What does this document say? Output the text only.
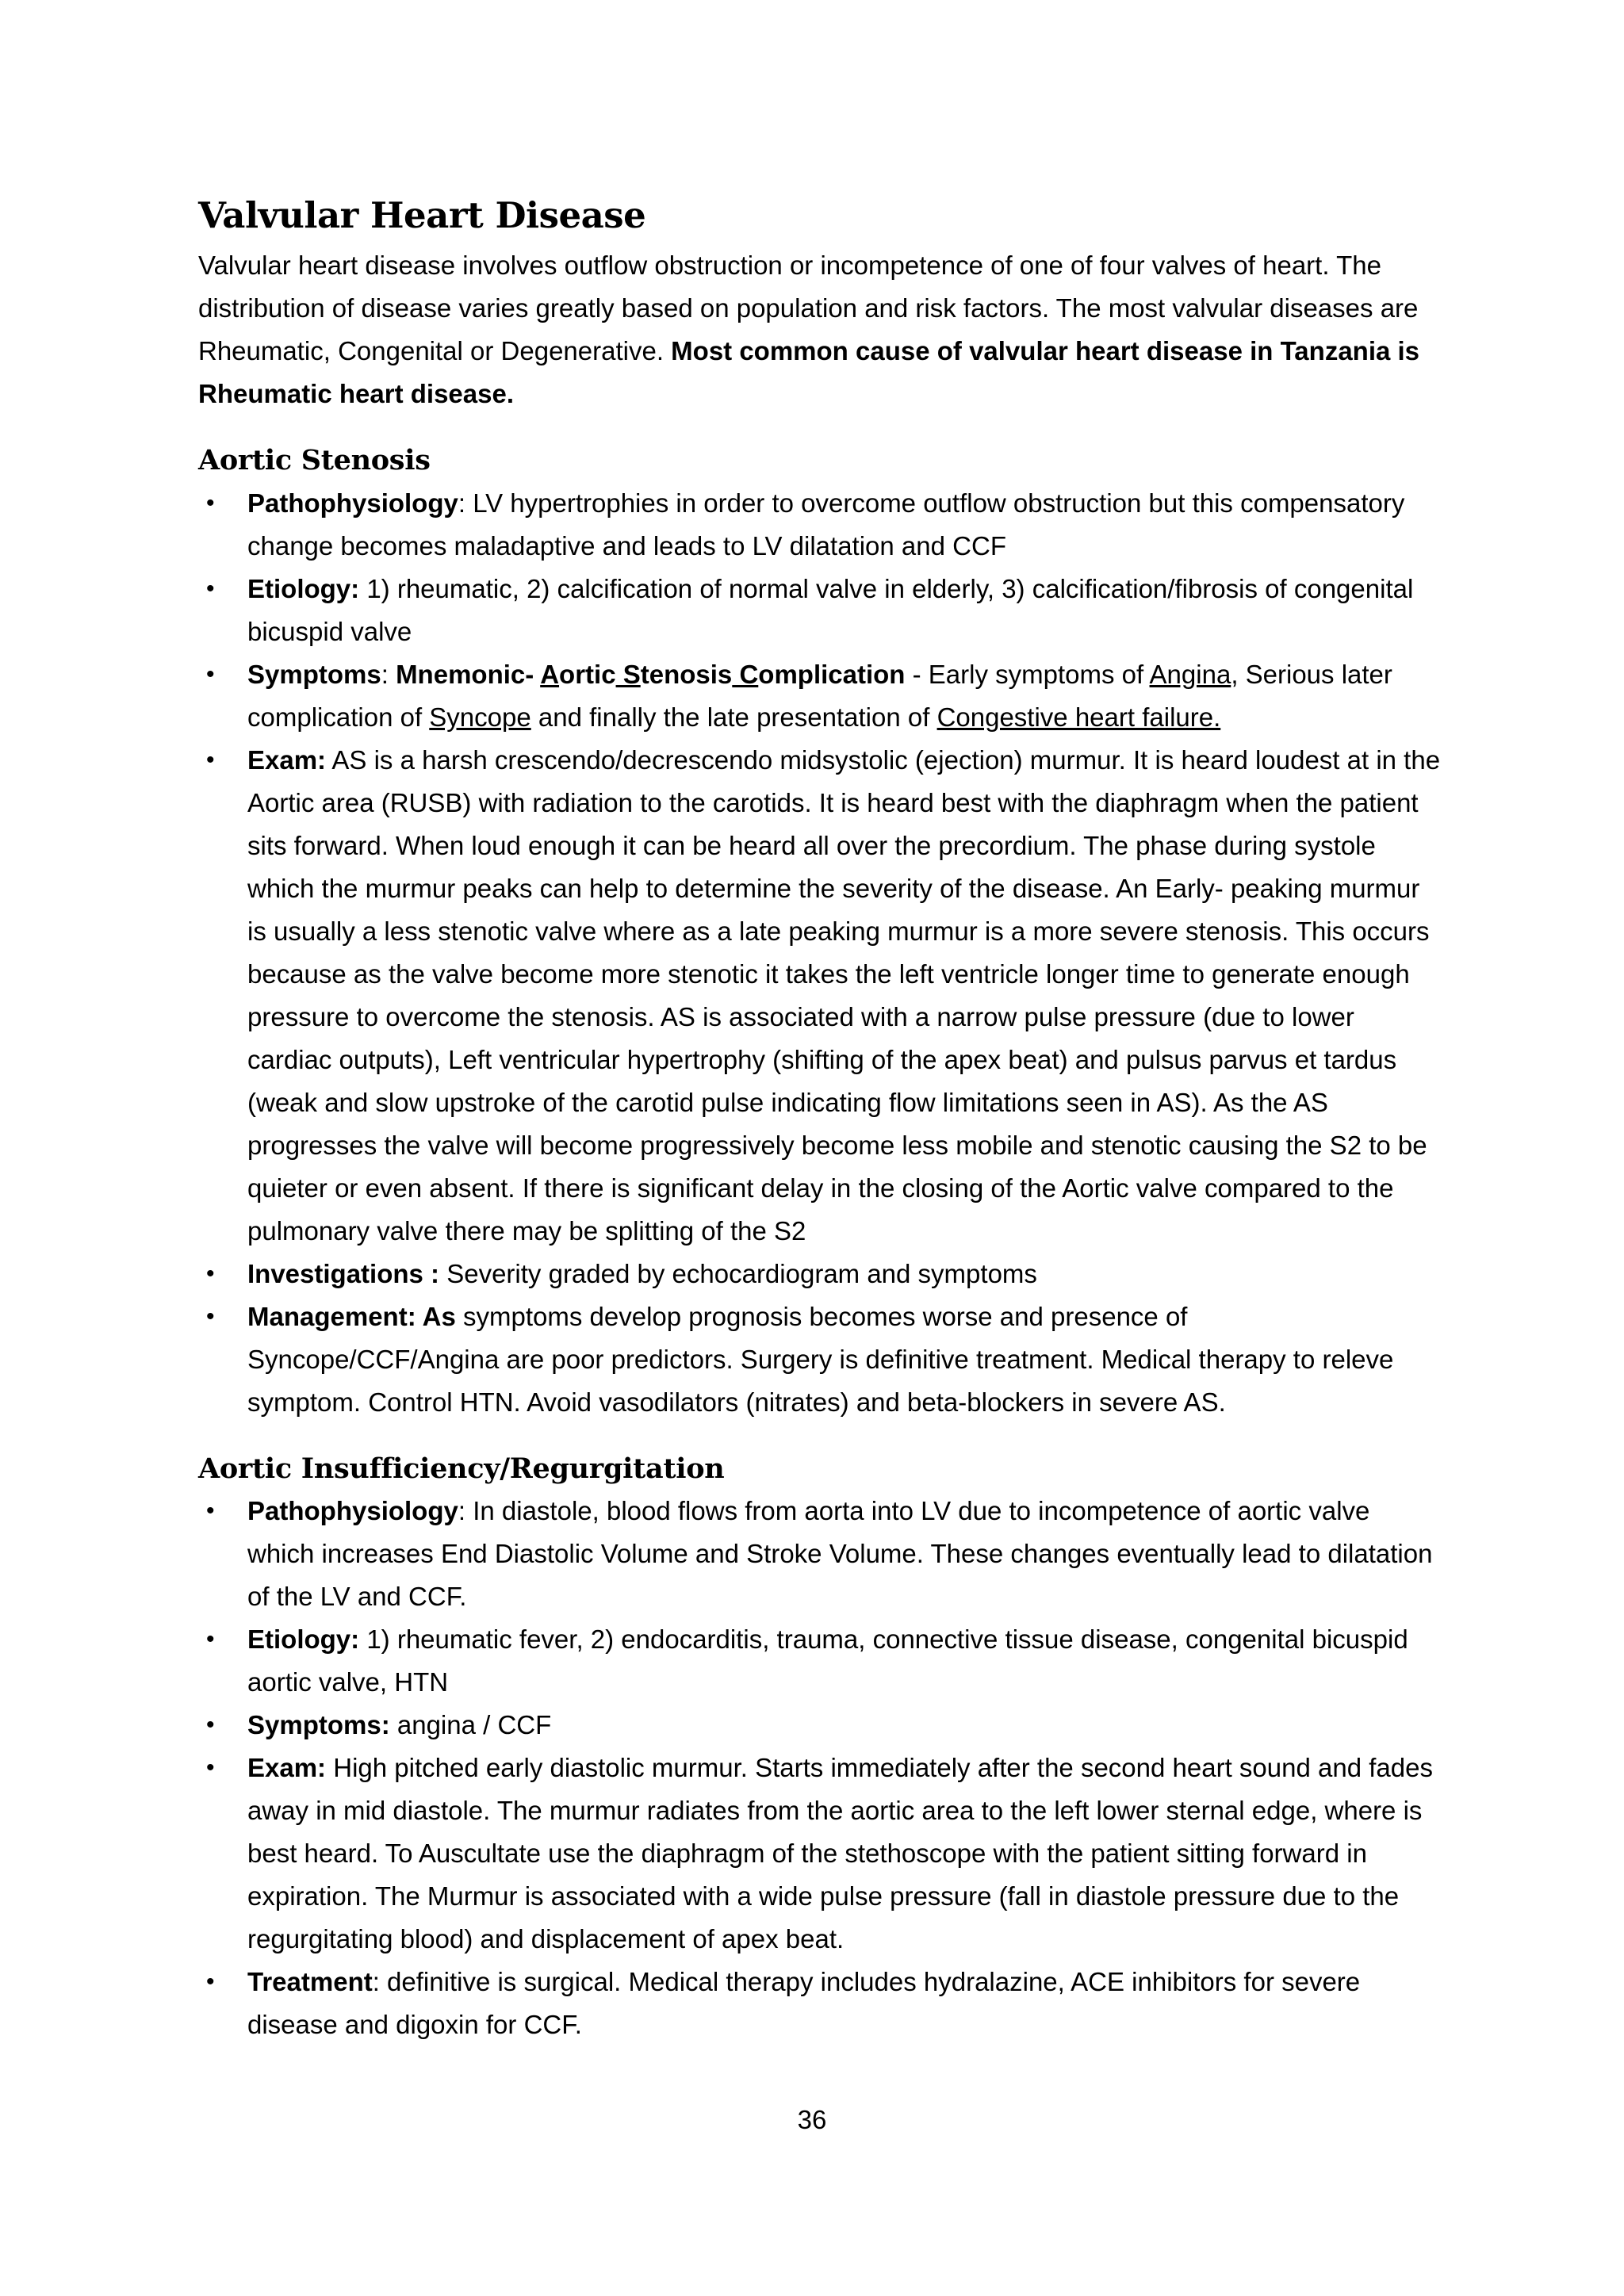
Valvular Heart Disease

Valvular heart disease involves outflow obstruction or incompetence of one of four valves of heart. The distribution of disease varies greatly based on population and risk factors. The most valvular diseases are Rheumatic, Congenital or Degenerative. Most common cause of valvular heart disease in Tanzania is Rheumatic heart disease.

Aortic Stenosis
• Pathophysiology: LV hypertrophies in order to overcome outflow obstruction but this compensatory change becomes maladaptive and leads to LV dilatation and CCF
• Etiology: 1) rheumatic, 2) calcification of normal valve in elderly, 3) calcification/fibrosis of congenital bicuspid valve
• Symptoms: Mnemonic- Aortic Stenosis Complication - Early symptoms of Angina, Serious later complication of Syncope and finally the late presentation of Congestive heart failure.
• Exam: AS is a harsh crescendo/decrescendo midsystolic (ejection) murmur. It is heard loudest at in the Aortic area (RUSB) with radiation to the carotids. It is heard best with the diaphragm when the patient sits forward. When loud enough it can be heard all over the precordium. The phase during systole which the murmur peaks can help to determine the severity of the disease. An Early- peaking murmur is usually a less stenotic valve where as a late peaking murmur is a more severe stenosis. This occurs because as the valve become more stenotic it takes the left ventricle longer time to generate enough pressure to overcome the stenosis. AS is associated with a narrow pulse pressure (due to lower cardiac outputs), Left ventricular hypertrophy (shifting of the apex beat) and pulsus parvus et tardus (weak and slow upstroke of the carotid pulse indicating flow limitations seen in AS). As the AS progresses the valve will become progressively become less mobile and stenotic causing the S2 to be quieter or even absent. If there is significant delay in the closing of the Aortic valve compared to the pulmonary valve there may be splitting of the S2
• Investigations : Severity graded by echocardiogram and symptoms
• Management: As symptoms develop prognosis becomes worse and presence of Syncope/CCF/Angina are poor predictors. Surgery is definitive treatment. Medical therapy to releve symptom. Control HTN. Avoid vasodilators (nitrates) and beta-blockers in severe AS.
Aortic Insufficiency/Regurgitation
• Pathophysiology: In diastole, blood flows from aorta into LV due to incompetence of aortic valve which increases End Diastolic Volume and Stroke Volume. These changes eventually lead to dilatation of the LV and CCF.
• Etiology: 1) rheumatic fever, 2) endocarditis, trauma, connective tissue disease, congenital bicuspid aortic valve, HTN
• Symptoms: angina / CCF
• Exam: High pitched early diastolic murmur. Starts immediately after the second heart sound and fades away in mid diastole. The murmur radiates from the aortic area to the left lower sternal edge, where is best heard. To Auscultate use the diaphragm of the stethoscope with the patient sitting forward in expiration. The Murmur is associated with a wide pulse pressure (fall in diastole pressure due to the regurgitating blood) and displacement of apex beat.
• Treatment: definitive is surgical. Medical therapy includes hydralazine, ACE inhibitors for severe disease and digoxin for CCF.
36
